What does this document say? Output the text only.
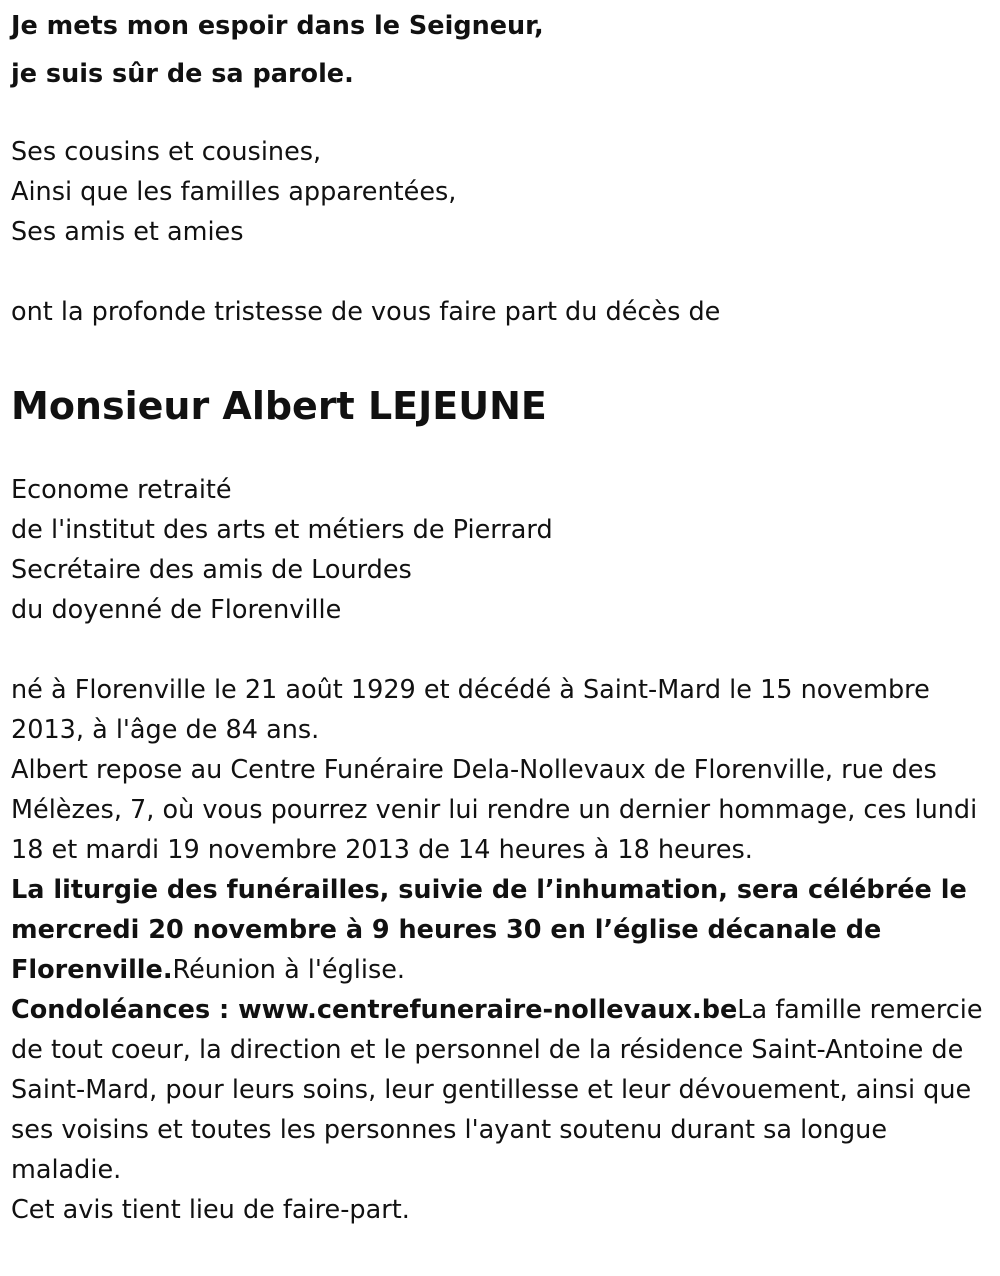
Je mets mon espoir dans le Seigneur,
je suis sûr de sa parole.
Ses cousins et cousines,
Ainsi que les familles apparentées,
Ses amis et amies
ont la profonde tristesse de vous faire part du décès de
Monsieur Albert LEJEUNE
Econome retraité
de l'institut des arts et métiers de Pierrard
Secrétaire des amis de Lourdes
du doyenné de Florenville

né à Florenville le 21 août 1929 et décédé à Saint-Mard le 15 novembre 2013, à l'âge de 84 ans.

Albert repose au Centre Funéraire Dela-Nollevaux de Florenville, rue des Mélèzes, 7, où vous pourrez venir lui rendre un dernier hommage, ces lundi 18 et mardi 19 novembre 2013 de 14 heures à 18 heures.

La liturgie des funérailles, suivie de l’inhumation, sera célébrée le mercredi 20 novembre à 9 heures 30 en l’église décanale de Florenville.Réunion à l'église.

Condoléances : www.centrefuneraire-nollevaux.beLa famille remercie de tout coeur, la direction et le personnel de la résidence Saint-Antoine de Saint-Mard, pour leurs soins, leur gentillesse et leur dévouement, ainsi que ses voisins et toutes les personnes l'ayant soutenu durant sa longue maladie.

Cet avis tient lieu de faire-part.
